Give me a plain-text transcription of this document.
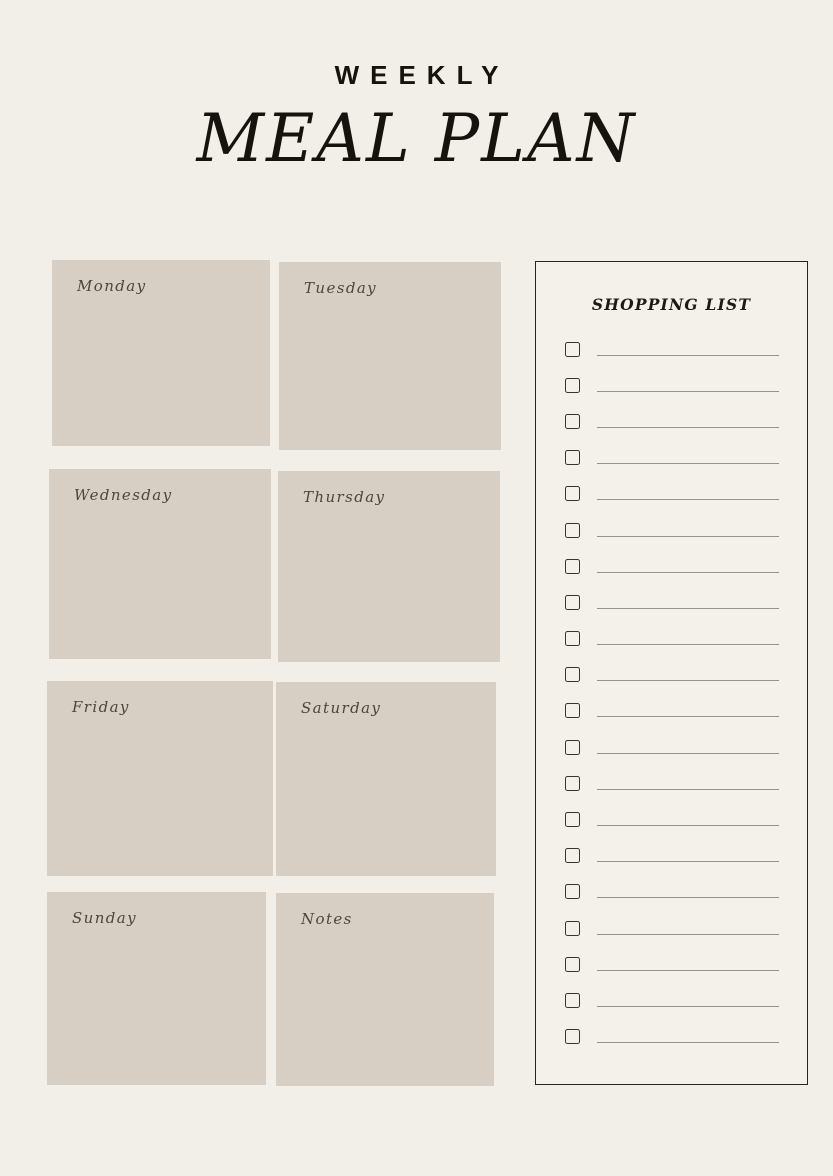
WEEKLY
MEAL PLAN
Monday	Tuesday
Wednesday	Thursday
Friday	Saturday
Sunday	Notes
SHOPPING LIST
